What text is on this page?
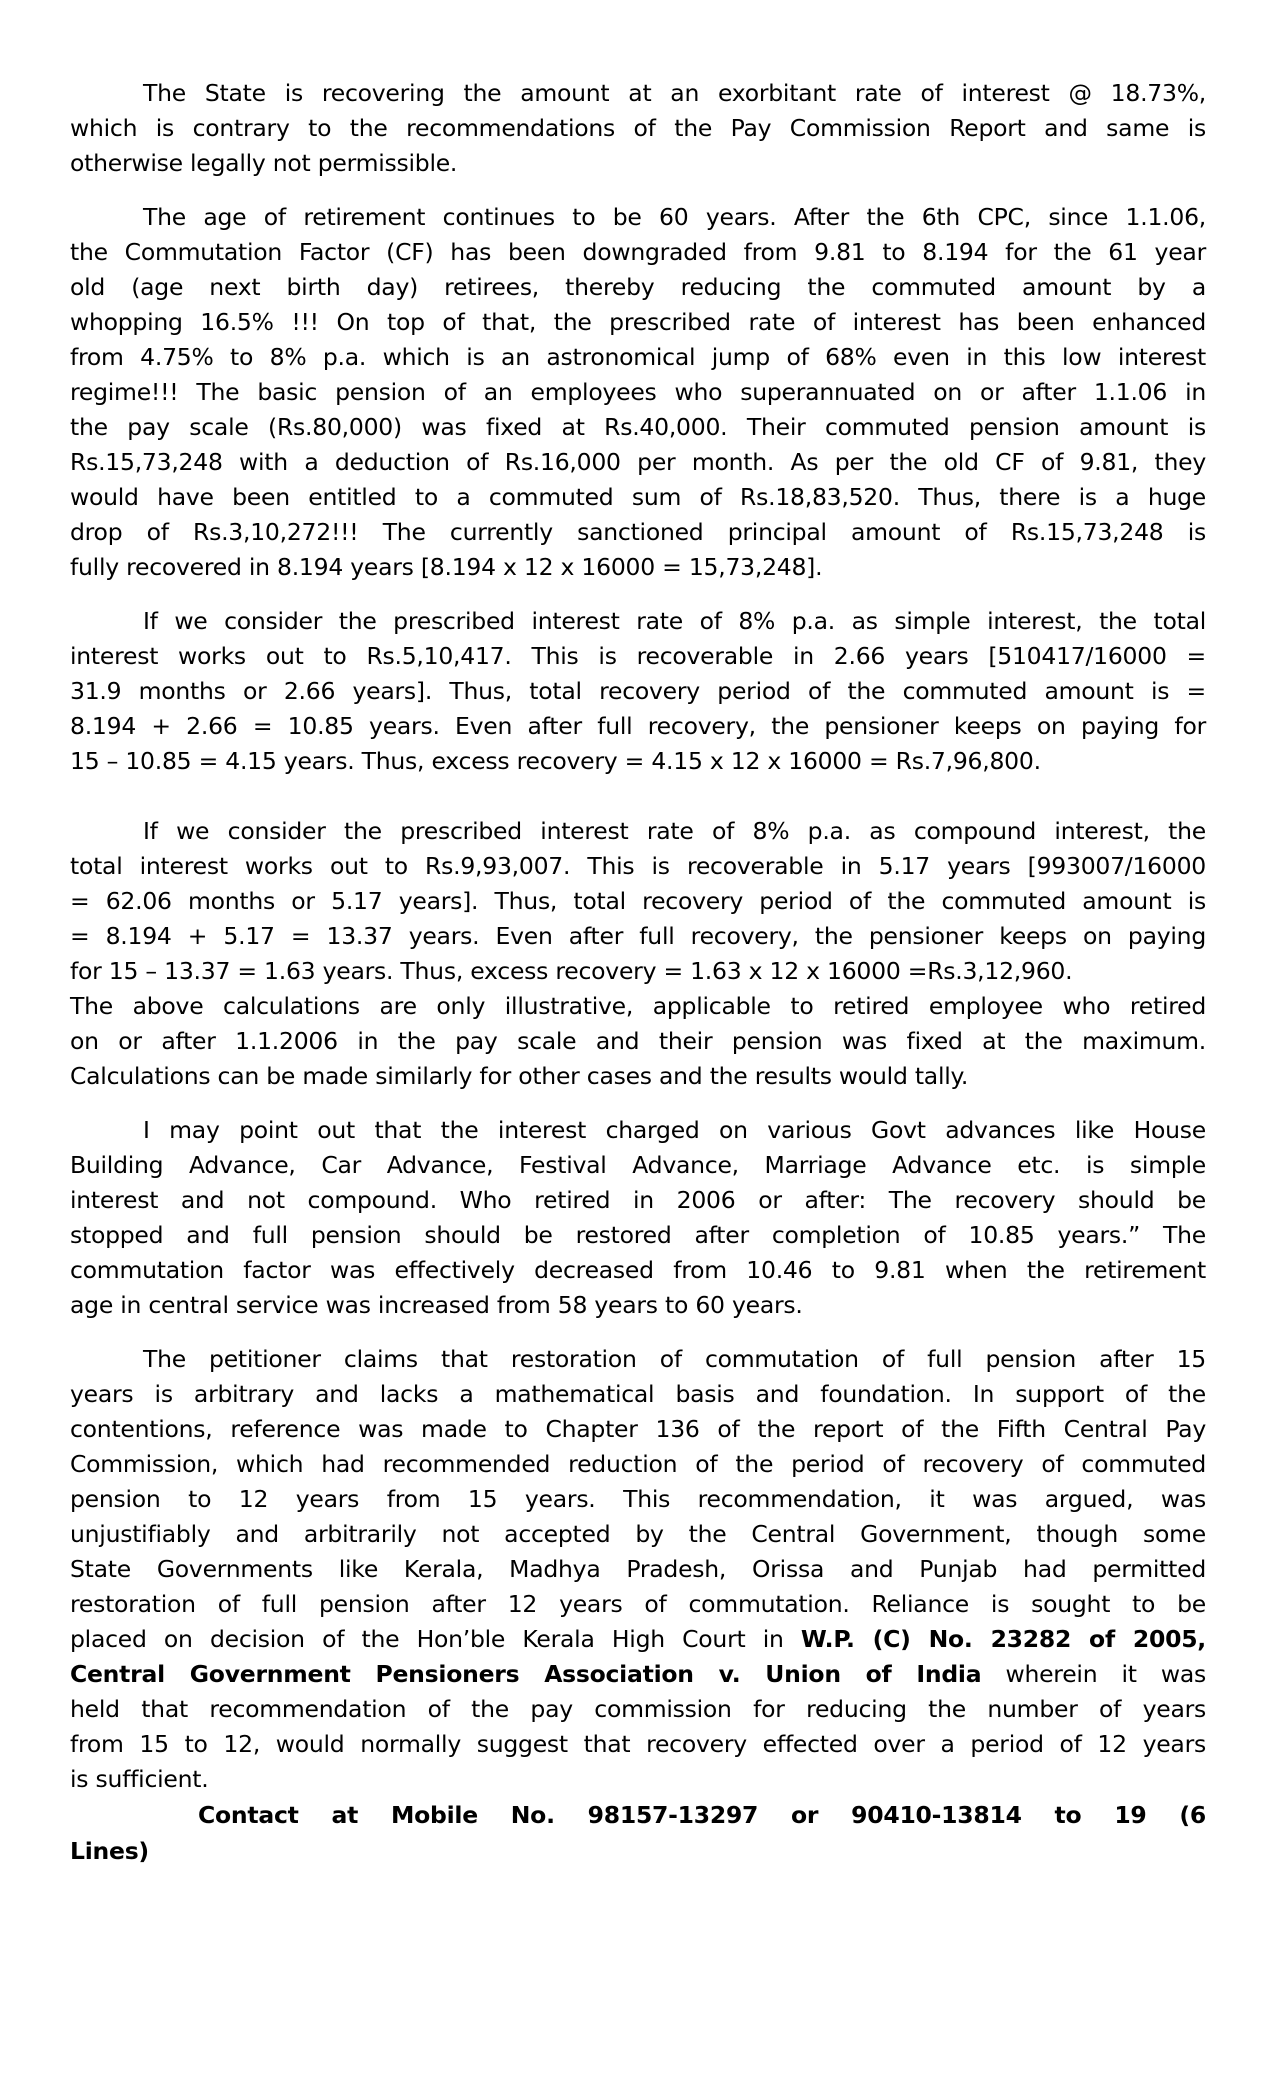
The State is recovering the amount at an exorbitant rate of interest @ 18.73%,
which is contrary to the recommendations of the Pay Commission Report and same is
otherwise legally not permissible.
The age of retirement continues to be 60 years. After the 6th CPC, since 1.1.06,
the Commutation Factor (CF) has been downgraded from 9.81 to 8.194 for the 61 year
old (age next birth day) retirees, thereby reducing the commuted amount by a
whopping 16.5% !!! On top of that, the prescribed rate of interest has been enhanced
from 4.75% to 8% p.a. which is an astronomical jump of 68% even in this low interest
regime!!! The basic pension of an employees who superannuated on or after 1.1.06 in
the pay scale (Rs.80,000) was fixed at Rs.40,000. Their commuted pension amount is
Rs.15,73,248 with a deduction of Rs.16,000 per month. As per the old CF of 9.81, they
would have been entitled to a commuted sum of Rs.18,83,520. Thus, there is a huge
drop of Rs.3,10,272!!! The currently sanctioned principal amount of Rs.15,73,248 is
fully recovered in 8.194 years [8.194 x 12 x 16000 = 15,73,248].
If we consider the prescribed interest rate of 8% p.a. as simple interest, the total
interest works out to Rs.5,10,417. This is recoverable in 2.66 years [510417/16000 =
31.9 months or 2.66 years]. Thus, total recovery period of the commuted amount is =
8.194 + 2.66 = 10.85 years. Even after full recovery, the pensioner keeps on paying for
15 – 10.85 = 4.15 years. Thus, excess recovery = 4.15 x 12 x 16000 = Rs.7,96,800.
If we consider the prescribed interest rate of 8% p.a. as compound interest, the
total interest works out to Rs.9,93,007. This is recoverable in 5.17 years [993007/16000
= 62.06 months or 5.17 years]. Thus, total recovery period of the commuted amount is
= 8.194 + 5.17 = 13.37 years. Even after full recovery, the pensioner keeps on paying
for 15 – 13.37 = 1.63 years. Thus, excess recovery = 1.63 x 12 x 16000 =Rs.3,12,960.
The above calculations are only illustrative, applicable to retired employee who retired
on or after 1.1.2006 in the pay scale and their pension was fixed at the maximum.
Calculations can be made similarly for other cases and the results would tally.
I may point out that the interest charged on various Govt advances like House
Building Advance, Car Advance, Festival Advance, Marriage Advance etc. is simple
interest and not compound. Who retired in 2006 or after: The recovery should be
stopped and full pension should be restored after completion of 10.85 years.” The
commutation factor was effectively decreased from 10.46 to 9.81 when the retirement
age in central service was increased from 58 years to 60 years.
The petitioner claims that restoration of commutation of full pension after 15
years is arbitrary and lacks a mathematical basis and foundation. In support of the
contentions, reference was made to Chapter 136 of the report of the Fifth Central Pay
Commission, which had recommended reduction of the period of recovery of commuted
pension to 12 years from 15 years. This recommendation, it was argued, was
unjustifiably and arbitrarily not accepted by the Central Government, though some
State Governments like Kerala, Madhya Pradesh, Orissa and Punjab had permitted
restoration of full pension after 12 years of commutation. Reliance is sought to be
placed on decision of the Hon’ble Kerala High Court in W.P. (C) No. 23282 of 2005,
Central Government Pensioners Association v. Union of India wherein it was
held that recommendation of the pay commission for reducing the number of years
from 15 to 12, would normally suggest that recovery effected over a period of 12 years
is sufficient.
Contact at Mobile No. 98157-13297 or 90410-13814 to 19 (6
Lines)
